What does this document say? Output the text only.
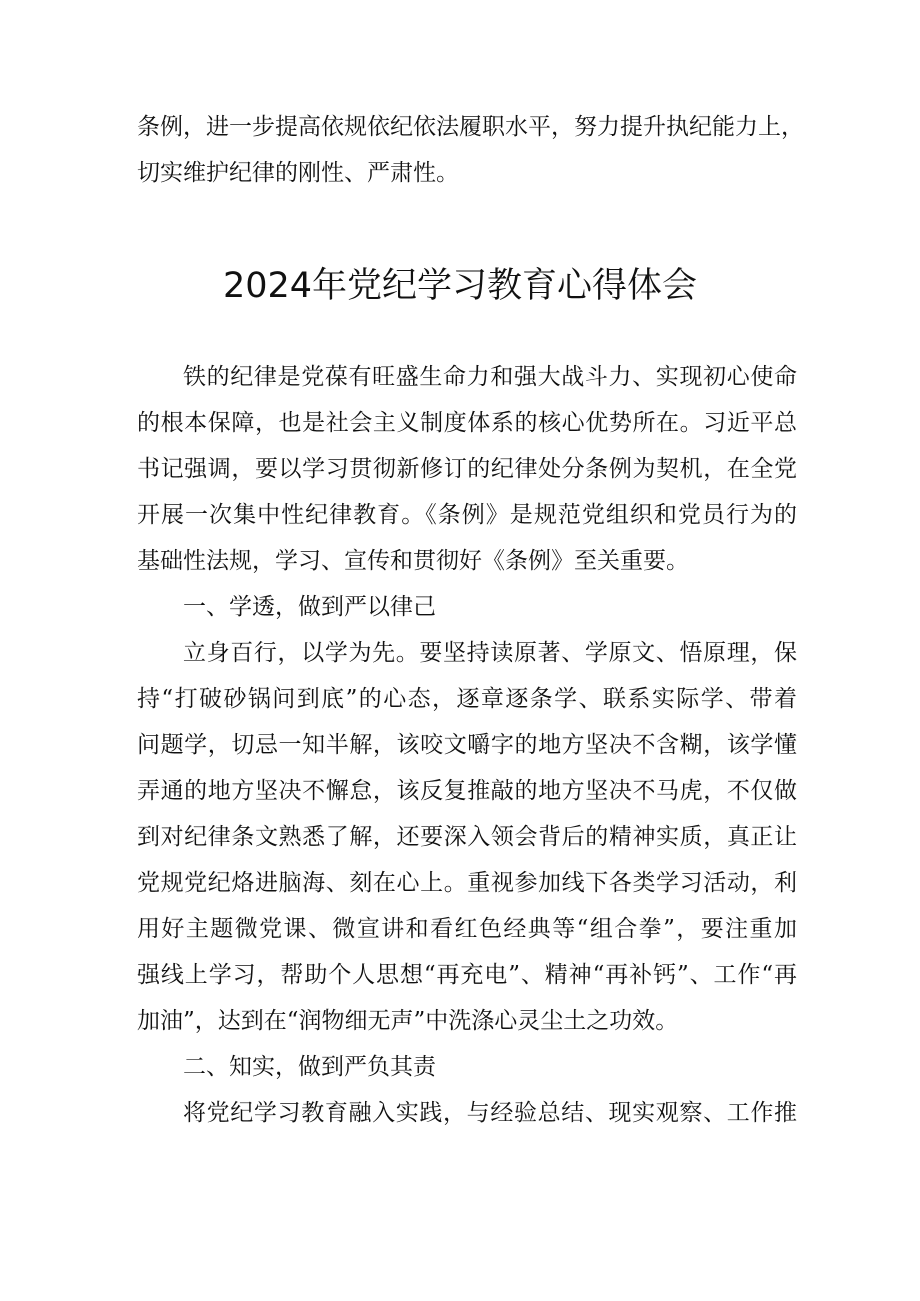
条例，进一步提高依规依纪依法履职水平，努力提升执纪能力上，
切实维护纪律的刚性、严肃性。
2024年党纪学习教育心得体会
铁的纪律是党葆有旺盛生命力和强大战斗力、实现初心使命
的根本保障，也是社会主义制度体系的核心优势所在。习近平总
书记强调，要以学习贯彻新修订的纪律处分条例为契机，在全党
开展一次集中性纪律教育。《条例》是规范党组织和党员行为的
基础性法规，学习、宣传和贯彻好《条例》至关重要。
一、学透，做到严以律己
立身百行，以学为先。要坚持读原著、学原文、悟原理，保
持“打破砂锅问到底”的心态，逐章逐条学、联系实际学、带着
问题学，切忌一知半解，该咬文嚼字的地方坚决不含糊，该学懂
弄通的地方坚决不懈怠，该反复推敲的地方坚决不马虎，不仅做
到对纪律条文熟悉了解，还要深入领会背后的精神实质，真正让
党规党纪烙进脑海、刻在心上。重视参加线下各类学习活动，利
用好主题微党课、微宣讲和看红色经典等“组合拳”，要注重加
强线上学习，帮助个人思想“再充电”、精神“再补钙”、工作“再
加油”，达到在“润物细无声”中洗涤心灵尘土之功效。
二、知实，做到严负其责
将党纪学习教育融入实践，与经验总结、现实观察、工作推
